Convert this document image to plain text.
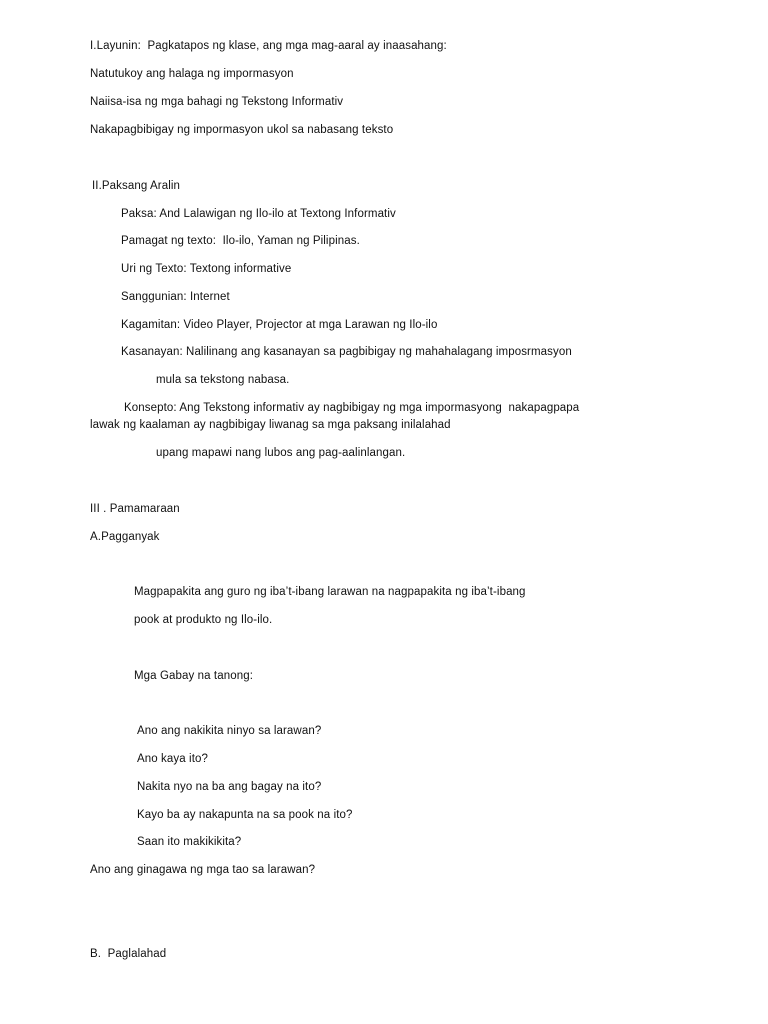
I.Layunin:  Pagkatapos ng klase, ang mga mag-aaral ay inaasahang:
Natutukoy ang halaga ng impormasyon
Naiisa-isa ng mga bahagi ng Tekstong Informativ
Nakapagbibigay ng impormasyon ukol sa nabasang teksto
II.Paksang Aralin
Paksa: And Lalawigan ng Ilo-ilo at Textong Informativ
Pamagat ng texto:  Ilo-ilo, Yaman ng Pilipinas.
Uri ng Texto: Textong informative
Sanggunian: Internet
Kagamitan: Video Player, Projector at mga Larawan ng Ilo-ilo
Kasanayan: Nalilinang ang kasanayan sa pagbibigay ng mahahalagang imposrmasyon
mula sa tekstong nabasa.
Konsepto: Ang Tekstong informativ ay nagbibigay ng mga impormasyong  nakapagpapa
lawak ng kaalaman ay nagbibigay liwanag sa mga paksang inilalahad
upang mapawi nang lubos ang pag-aalinlangan.
III . Pamamaraan
A.Pagganyak
Magpapakita ang guro ng iba’t-ibang larawan na nagpapakita ng iba’t-ibang
pook at produkto ng Ilo-ilo.
Mga Gabay na tanong:
Ano ang nakikita ninyo sa larawan?
Ano kaya ito?
Nakita nyo na ba ang bagay na ito?
Kayo ba ay nakapunta na sa pook na ito?
Saan ito makikikita?
Ano ang ginagawa ng mga tao sa larawan?
B.  Paglalahad
